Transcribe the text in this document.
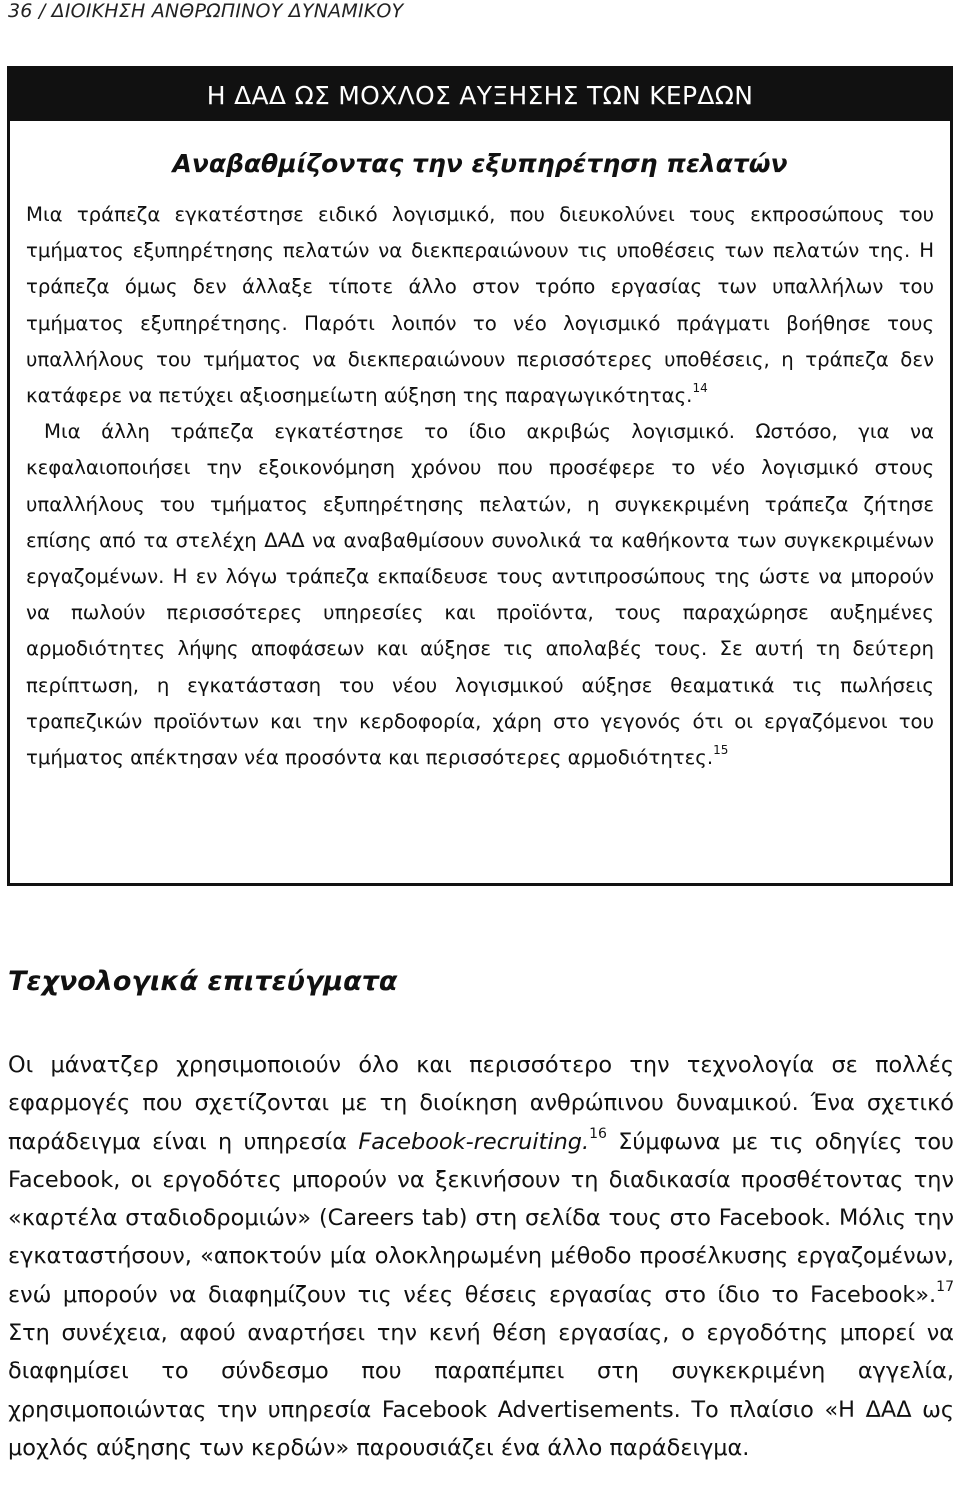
36 / ΔΙΟΙΚΗΣΗ ΑΝΘΡΩΠΙΝΟΥ ΔΥΝΑΜΙΚΟΥ
Η ΔΑΔ ΩΣ ΜΟΧΛΟΣ ΑΥΞΗΣΗΣ ΤΩΝ ΚΕΡΔΩΝ
Αναβαθμίζοντας την εξυπηρέτηση πελατών

Μια τράπεζα εγκατέστησε ειδικό λογισμικό, που διευκολύνει τους εκπροσώπους του τμήματος εξυπηρέτησης πελατών να διεκπεραιώνουν τις υποθέσεις των πελατών της. Η τράπεζα όμως δεν άλλαξε τίποτε άλλο στον τρόπο εργασίας των υπαλλήλων του τμήματος εξυπηρέτησης. Παρότι λοιπόν το νέο λογισμικό πράγματι βοήθησε τους υπαλλήλους του τμήματος να διεκπεραιώνουν περισσότερες υποθέσεις, η τράπεζα δεν κατάφερε να πετύχει αξιοσημείωτη αύξηση της παραγωγικότητας.$^{14}$

Μια άλλη τράπεζα εγκατέστησε το ίδιο ακριβώς λογισμικό. Ωστόσο, για να κεφαλαιοποιήσει την εξοικονόμηση χρόνου που προσέφερε το νέο λογισμικό στους υπαλλήλους του τμήματος εξυπηρέτησης πελατών, η συγκεκριμένη τράπεζα ζήτησε επίσης από τα στελέχη ΔΑΔ να αναβαθμίσουν συνολικά τα καθήκοντα των συγκεκριμένων εργαζομένων. Η εν λόγω τράπεζα εκπαίδευσε τους αντιπροσώπους της ώστε να μπορούν να πωλούν περισσότερες υπηρεσίες και προϊόντα, τους παραχώρησε αυξημένες αρμοδιότητες λήψης αποφάσεων και αύξησε τις απολαβές τους. Σε αυτή τη δεύτερη περίπτωση, η εγκατάσταση του νέου λογισμικού αύξησε θεαματικά τις πωλήσεις τραπεζικών προϊόντων και την κερδοφορία, χάρη στο γεγονός ότι οι εργαζόμενοι του τμήματος απέκτησαν νέα προσόντα και περισσότερες αρμοδιότητες.$^{15}$

Τεχνολογικά επιτεύγματα

Οι μάνατζερ χρησιμοποιούν όλο και περισσότερο την τεχνολογία σε πολλές εφαρμογές που σχετίζονται με τη διοίκηση ανθρώπινου δυναμικού. Ένα σχετικό παράδειγμα είναι η υπηρεσία Facebook-recruiting.$^{16}$ Σύμφωνα με τις οδηγίες του Facebook, οι εργοδότες μπορούν να ξεκινήσουν τη διαδικασία προσθέτοντας την «καρτέλα σταδιοδρομιών» (Careers tab) στη σελίδα τους στο Facebook. Μόλις την εγκαταστήσουν, «αποκτούν μία ολοκληρωμένη μέθοδο προσέλκυσης εργαζομένων, ενώ μπορούν να διαφημίζουν τις νέες θέσεις εργασίας στο ίδιο το Facebook».$^{17}$ Στη συνέχεια, αφού αναρτήσει την κενή θέση εργασίας, ο εργοδότης μπορεί να διαφημίσει το σύνδεσμο που παραπέμπει στη συγκεκριμένη αγγελία, χρησιμοποιώντας την υπηρεσία Facebook Advertisements. Το πλαίσιο «Η ΔΑΔ ως μοχλός αύξησης των κερδών» παρουσιάζει ένα άλλο παράδειγμα.
